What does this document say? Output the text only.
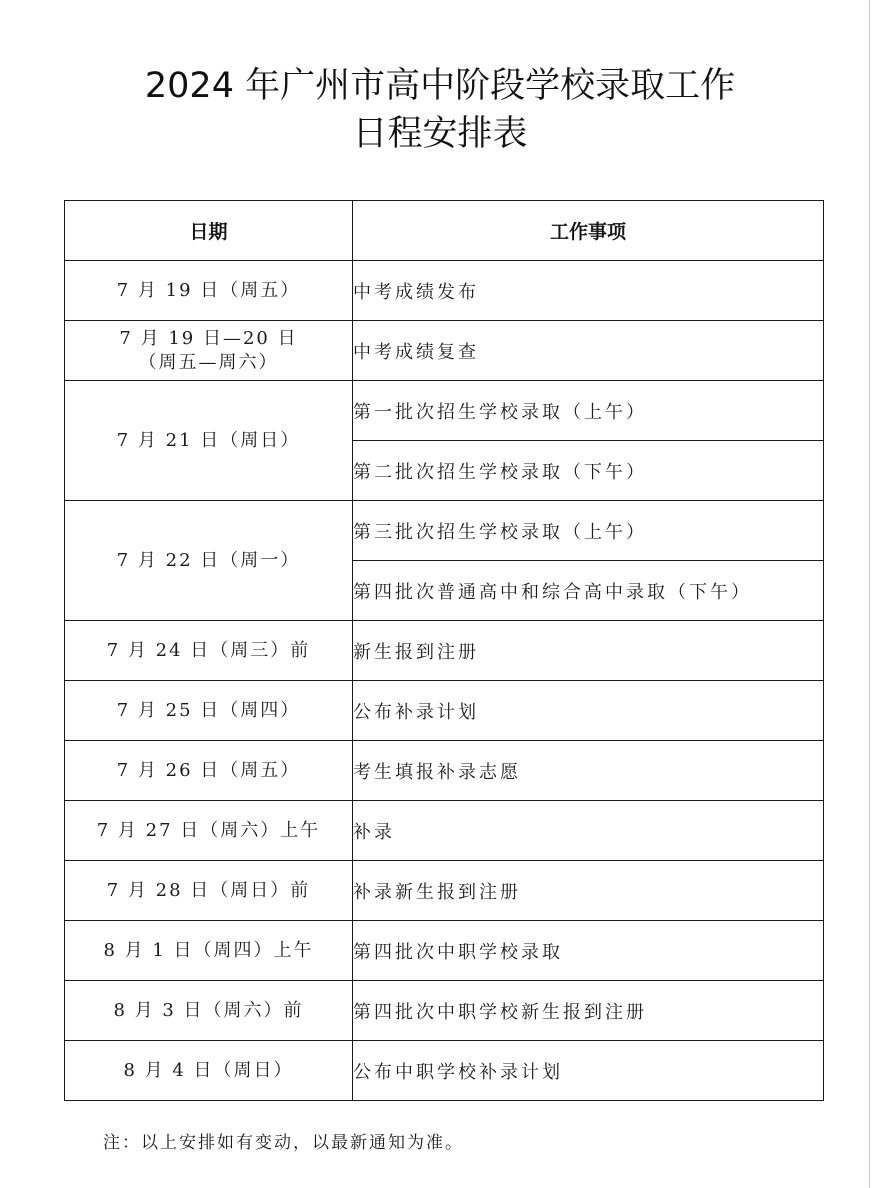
2024 年广州市高中阶段学校录取工作
日程安排表
日期	工作事项
7 月 19 日（周五）	中考成绩发布
7 月 19 日—20 日
（周五—周六）	中考成绩复查
7 月 21 日（周日）	第一批次招生学校录取（上午）
	第二批次招生学校录取（下午）
7 月 22 日（周一）	第三批次招生学校录取（上午）
	第四批次普通高中和综合高中录取（下午）
7 月 24 日（周三）前	新生报到注册
7 月 25 日（周四）	公布补录计划
7 月 26 日（周五）	考生填报补录志愿
7 月 27 日（周六）上午	补录
7 月 28 日（周日）前	补录新生报到注册
8 月 1 日（周四）上午	第四批次中职学校录取
8 月 3 日（周六）前	第四批次中职学校新生报到注册
8 月 4 日（周日）	公布中职学校补录计划
注：以上安排如有变动，以最新通知为准。
